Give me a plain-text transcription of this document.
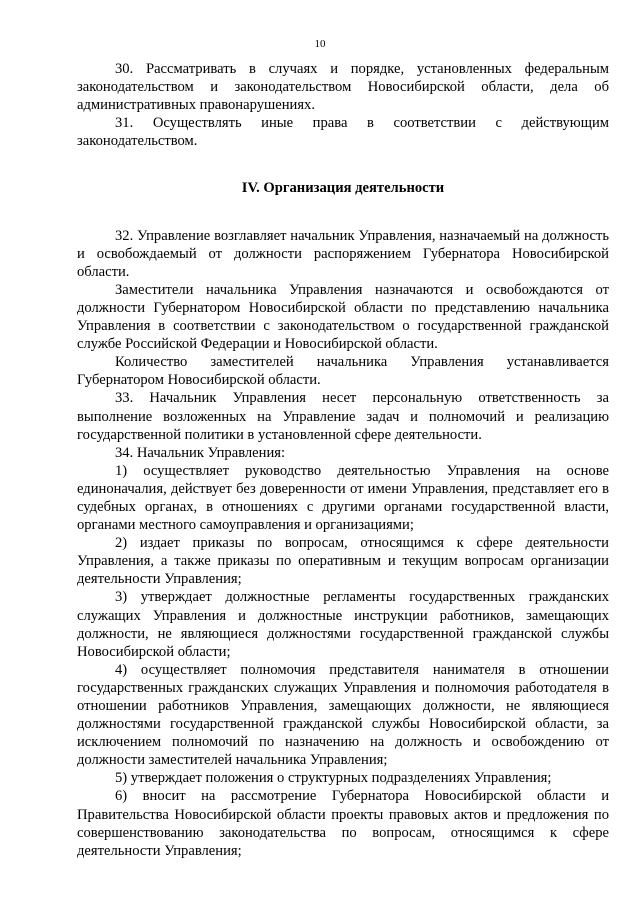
10

30. Рассматривать в случаях и порядке, установленных федеральным законодательством и законодательством Новосибирской области, дела об административных правонарушениях.

31. Осуществлять иные права в соответствии с действующим законодательством.

IV. Организация деятельности

32. Управление возглавляет начальник Управления, назначаемый на должность и освобождаемый от должности распоряжением Губернатора Новосибирской области.

Заместители начальника Управления назначаются и освобождаются от должности Губернатором Новосибирской области по представлению начальника Управления в соответствии с законодательством о государственной гражданской службе Российской Федерации и Новосибирской области.

Количество заместителей начальника Управления устанавливается Губернатором Новосибирской области.

33. Начальник Управления несет персональную ответственность за выполнение возложенных на Управление задач и полномочий и реализацию государственной политики в установленной сфере деятельности.

34. Начальник Управления:

1) осуществляет руководство деятельностью Управления на основе единоначалия, действует без доверенности от имени Управления, представляет его в судебных органах, в отношениях с другими органами государственной власти, органами местного самоуправления и организациями;

2) издает приказы по вопросам, относящимся к сфере деятельности Управления, а также приказы по оперативным и текущим вопросам организации деятельности Управления;

3) утверждает должностные регламенты государственных гражданских служащих Управления и должностные инструкции работников, замещающих должности, не являющиеся должностями государственной гражданской службы Новосибирской области;

4) осуществляет полномочия представителя нанимателя в отношении государственных гражданских служащих Управления и полномочия работодателя в отношении работников Управления, замещающих должности, не являющиеся должностями государственной гражданской службы Новосибирской области, за исключением полномочий по назначению на должность и освобождению от должности заместителей начальника Управления;

5) утверждает положения о структурных подразделениях Управления;

6) вносит на рассмотрение Губернатора Новосибирской области и Правительства Новосибирской области проекты правовых актов и предложения по совершенствованию законодательства по вопросам, относящимся к сфере деятельности Управления;
